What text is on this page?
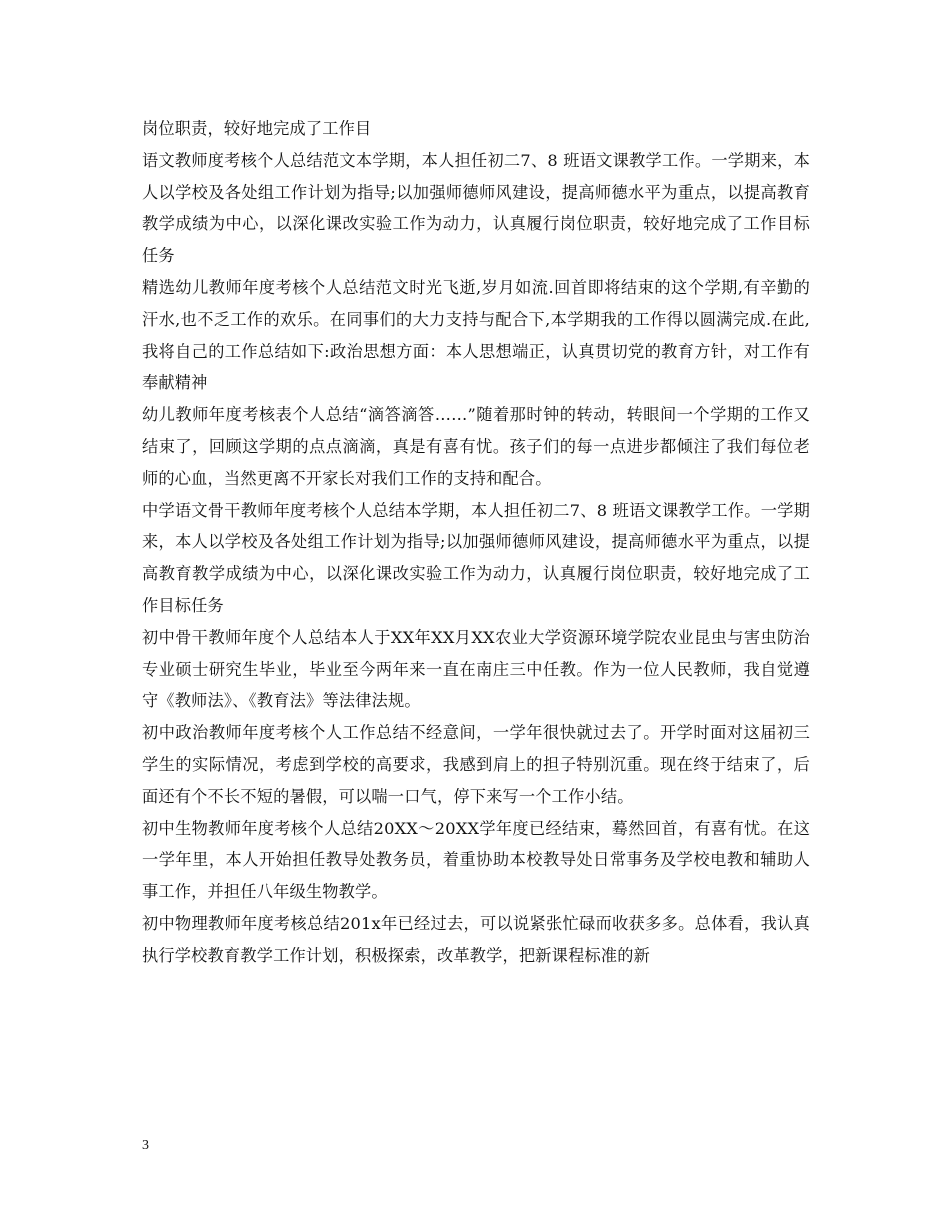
岗位职责，较好地完成了工作目

语文教师度考核个人总结范文本学期，本人担任初二7、8 班语文课教学工作。一学期来，本人以学校及各处组工作计划为指导;以加强师德师风建设，提高师德水平为重点，以提高教育教学成绩为中心，以深化课改实验工作为动力，认真履行岗位职责，较好地完成了工作目标任务

精选幼儿教师年度考核个人总结范文时光飞逝,岁月如流.回首即将结束的这个学期,有辛勤的汗水,也不乏工作的欢乐。在同事们的大力支持与配合下,本学期我的工作得以圆满完成.在此,我将自己的工作总结如下:政治思想方面：本人思想端正，认真贯切党的教育方针，对工作有奉献精神

幼儿教师年度考核表个人总结“滴答滴答……”随着那时钟的转动，转眼间一个学期的工作又结束了，回顾这学期的点点滴滴，真是有喜有忧。孩子们的每一点进步都倾注了我们每位老师的心血，当然更离不开家长对我们工作的支持和配合。

中学语文骨干教师年度考核个人总结本学期，本人担任初二7、8 班语文课教学工作。一学期来，本人以学校及各处组工作计划为指导;以加强师德师风建设，提高师德水平为重点，以提高教育教学成绩为中心，以深化课改实验工作为动力，认真履行岗位职责，较好地完成了工作目标任务

初中骨干教师年度个人总结本人于XX年XX月XX农业大学资源环境学院农业昆虫与害虫防治专业硕士研究生毕业，毕业至今两年来一直在南庄三中任教。作为一位人民教师，我自觉遵守《教师法》、《教育法》等法律法规。

初中政治教师年度考核个人工作总结不经意间，一学年很快就过去了。开学时面对这届初三学生的实际情况，考虑到学校的高要求，我感到肩上的担子特别沉重。现在终于结束了，后面还有个不长不短的暑假，可以喘一口气，停下来写一个工作小结。

初中生物教师年度考核个人总结20XX～20XX学年度已经结束，蓦然回首，有喜有忧。在这一学年里，本人开始担任教导处教务员，着重协助本校教导处日常事务及学校电教和辅助人事工作，并担任八年级生物教学。

初中物理教师年度考核总结201x年已经过去，可以说紧张忙碌而收获多多。总体看，我认真执行学校教育教学工作计划，积极探索，改革教学，把新课程标准的新

3
